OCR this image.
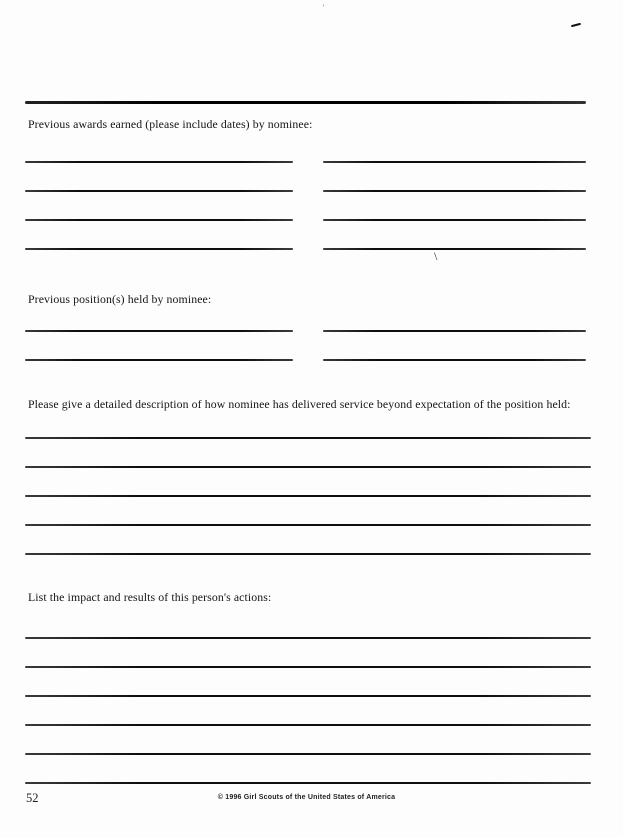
’
Previous awards earned (please include dates) by nominee:
\
Previous position(s) held by nominee:
Please give a detailed description of how nominee has delivered service beyond expectation of the position held:
List the impact and results of this person's actions:
52	© 1996 Girl Scouts of the United States of America
